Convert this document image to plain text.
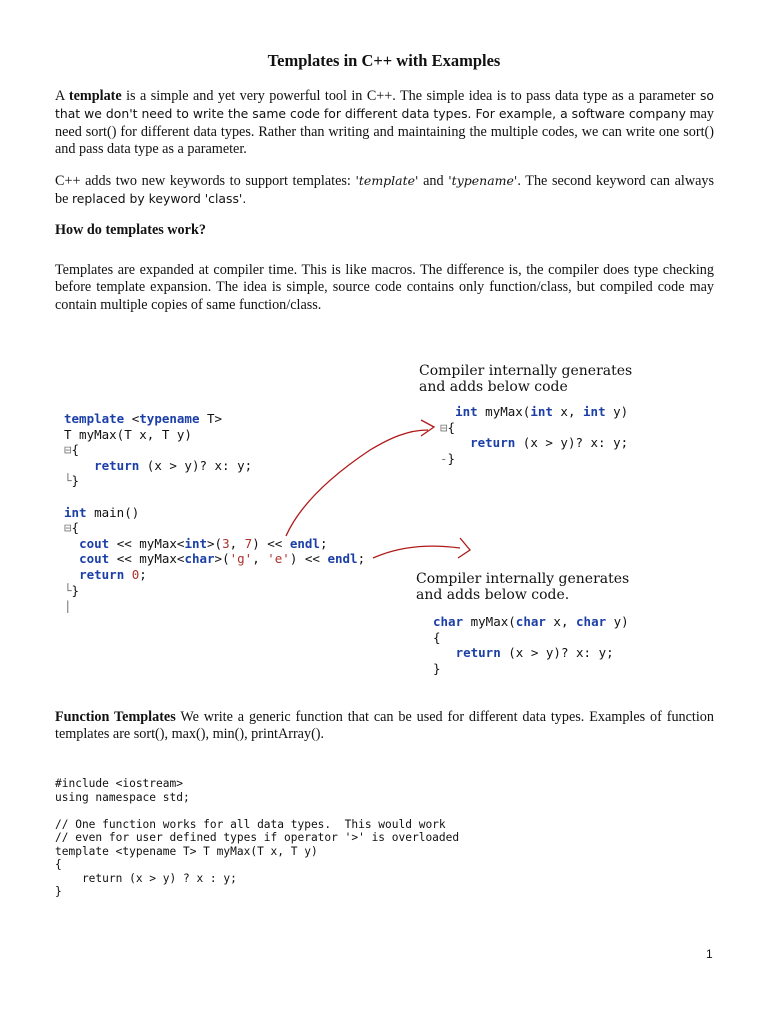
Templates in C++ with Examples

A template is a simple and yet very powerful tool in C++. The simple idea is to pass data type as a parameter so that we don't need to write the same code for different data types. For example, a software company may need sort() for different data types. Rather than writing and maintaining the multiple codes, we can write one sort() and pass data type as a parameter.

C++ adds two new keywords to support templates: 'template' and 'typename'. The second keyword can always be replaced by keyword 'class'.

How do templates work?

Templates are expanded at compiler time. This is like macros. The difference is, the compiler does type checking before template expansion. The idea is simple, source code contains only function/class, but compiled code may contain multiple copies of same function/class.

Compiler internally generates
and adds below code
template <typename T>
T myMax(T x, T y)
⊟{
return (x > y)? x: y;
└}

int main()
⊟{
cout << myMax<int>(3, 7) << endl;
cout << myMax<char>('g', 'e') << endl;
return 0;
└}
|
int myMax(int x, int y)
⊟{
return (x > y)? x: y;
-}
Compiler internally generates
and adds below code.
char myMax(char x, char y)
{
return (x > y)? x: y;
}

Function Templates We write a generic function that can be used for different data types. Examples of function templates are sort(), max(), min(), printArray().

#include <iostream>
using namespace std;

// One function works for all data types.  This would work
// even for user defined types if operator '>' is overloaded
template <typename T> T myMax(T x, T y)
{
return (x > y) ? x : y;
}
1
